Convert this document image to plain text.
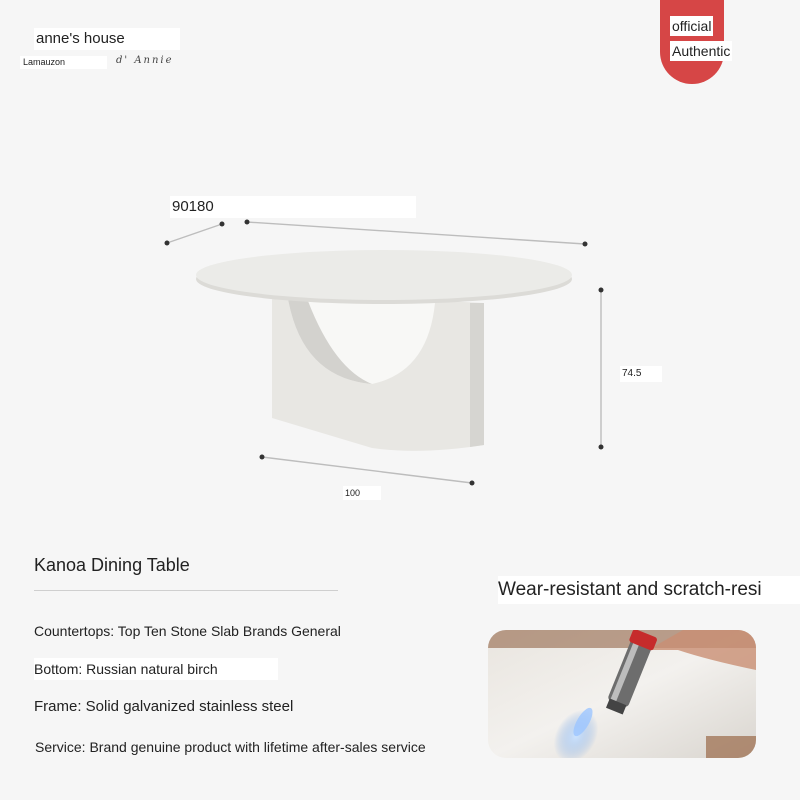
anne's house
Lamauzon	d' Annie
official
Authentic
90180
74.5
100
Kanoa Dining Table
Countertops: Top Ten Stone Slab Brands General
Bottom: Russian natural birch
Frame: Solid galvanized stainless steel
Service: Brand genuine product with lifetime after-sales service
Wear-resistant and scratch-resi
